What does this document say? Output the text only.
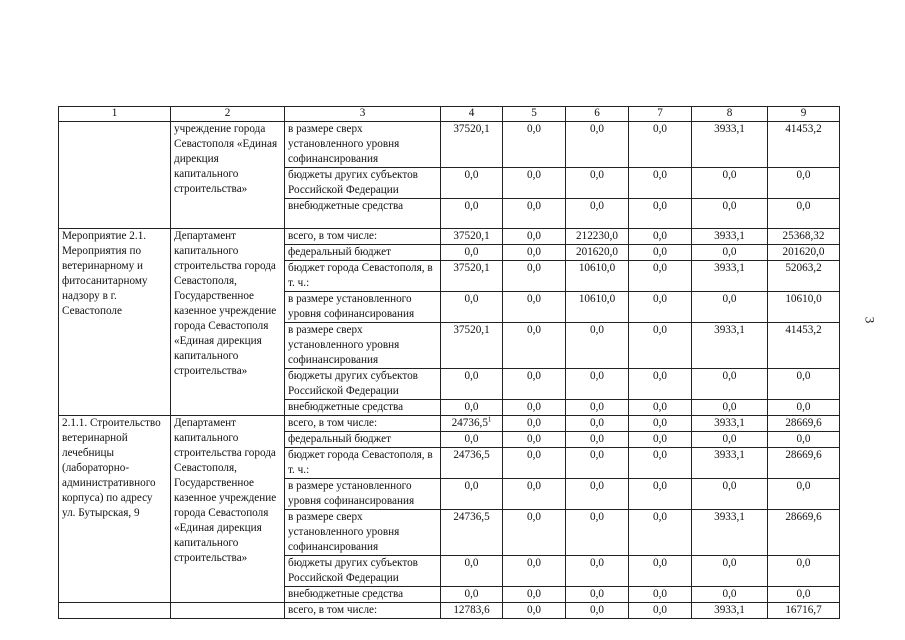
3
1	2	3	4	5	6	7	8	9
	учреждение города Севастополя «Единая дирекция капитального строительства»	в размере сверх установленного уровня софинансирования	37520,1	0,0	0,0	0,0	3933,1	41453,2
		бюджеты других субъектов Российской Федерации	0,0	0,0	0,0	0,0	0,0	0,0
		внебюджетные средства	0,0	0,0	0,0	0,0	0,0	0,0
Мероприятие 2.1. Мероприятия по ветеринарному и фитосанитарному надзору в г. Севастополе	Департамент капитального строительства города Севастополя, Государственное казенное учреждение города Севастополя «Единая дирекция капитального строительства»	всего, в том числе:	37520,1	0,0	212230,0	0,0	3933,1	25368,32
		федеральный бюджет	0,0	0,0	201620,0	0,0	0,0	201620,0
		бюджет города Севастополя, в т. ч.:	37520,1	0,0	10610,0	0,0	3933,1	52063,2
		в размере установленного уровня софинансирования	0,0	0,0	10610,0	0,0	0,0	10610,0
		в размере сверх установленного уровня софинансирования	37520,1	0,0	0,0	0,0	3933,1	41453,2
		бюджеты других субъектов Российской Федерации	0,0	0,0	0,0	0,0	0,0	0,0
		внебюджетные средства	0,0	0,0	0,0	0,0	0,0	0,0
2.1.1. Строительство ветеринарной лечебницы (лабораторно-административного корпуса) по адресу ул. Бутырская, 9	Департамент капитального строительства города Севастополя, Государственное казенное учреждение города Севастополя «Единая дирекция капитального строительства»	всего, в том числе:	24736,5$^1$	0,0	0,0	0,0	3933,1	28669,6
		федеральный бюджет	0,0	0,0	0,0	0,0	0,0	0,0
		бюджет города Севастополя, в т. ч.:	24736,5	0,0	0,0	0,0	3933,1	28669,6
		в размере установленного уровня софинансирования	0,0	0,0	0,0	0,0	0,0	0,0
		в размере сверх установленного уровня софинансирования	24736,5	0,0	0,0	0,0	3933,1	28669,6
		бюджеты других субъектов Российской Федерации	0,0	0,0	0,0	0,0	0,0	0,0
		внебюджетные средства	0,0	0,0	0,0	0,0	0,0	0,0
		всего, в том числе:	12783,6	0,0	0,0	0,0	3933,1	16716,7
